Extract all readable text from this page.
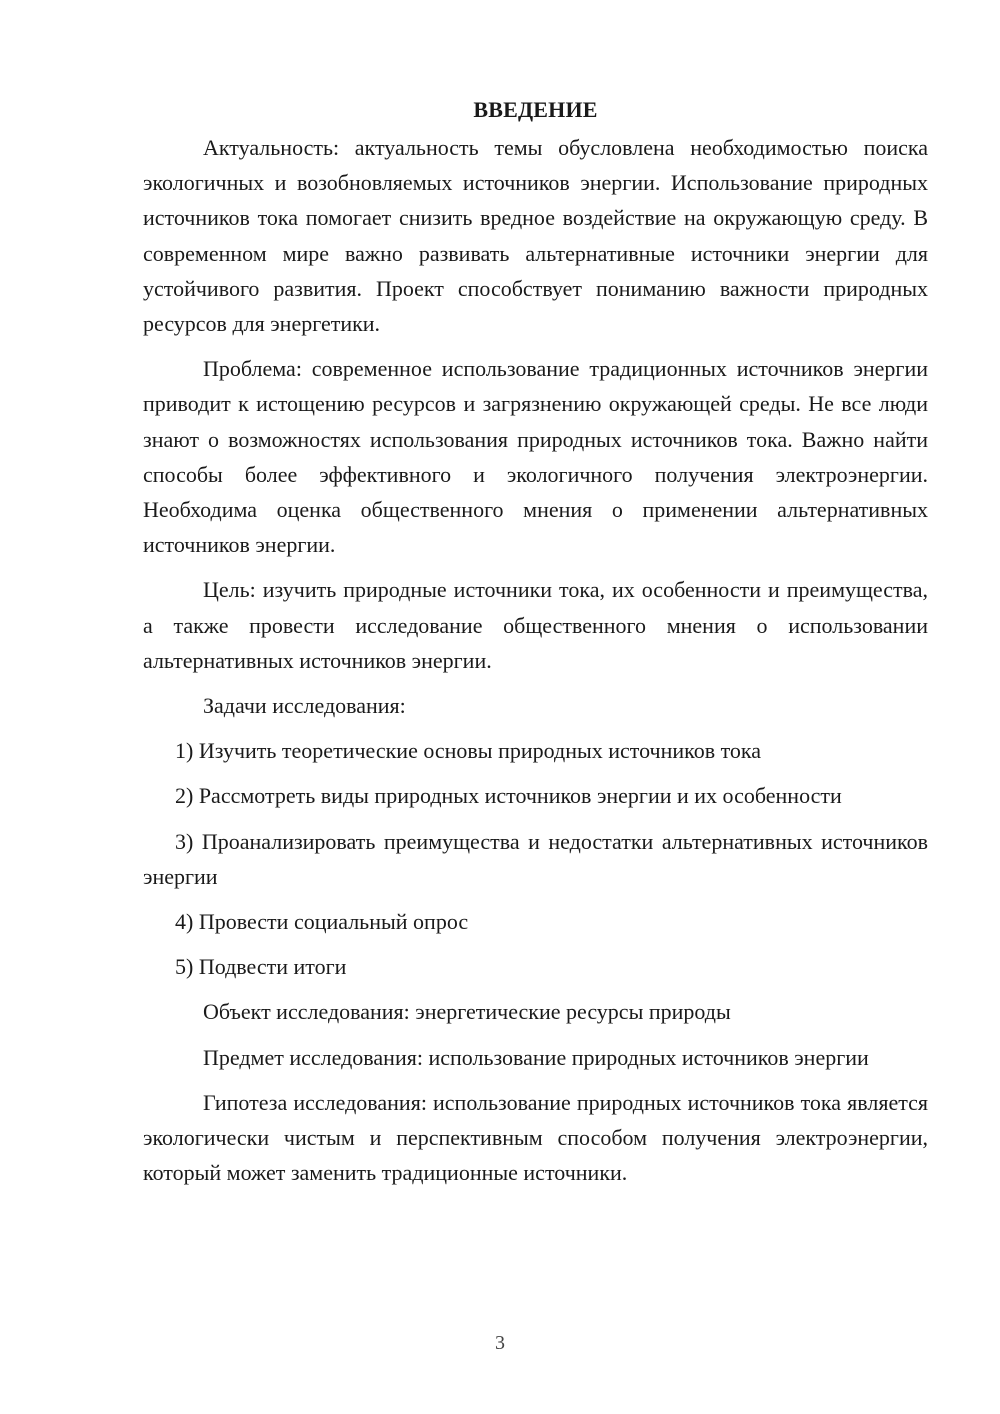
ВВЕДЕНИЕ

Актуальность: актуальность темы обусловлена необходимостью поиска экологичных и возобновляемых источников энергии. Использование природных источников тока помогает снизить вредное воздействие на окружающую среду. В современном мире важно развивать альтернативные источники энергии для устойчивого развития. Проект способствует пониманию важности природных ресурсов для энергетики.

Проблема: современное использование традиционных источников энергии приводит к истощению ресурсов и загрязнению окружающей среды. Не все люди знают о возможностях использования природных источников тока. Важно найти способы более эффективного и экологичного получения электроэнергии. Необходима оценка общественного мнения о применении альтернативных источников энергии.

Цель: изучить природные источники тока, их особенности и преимущества, а также провести исследование общественного мнения о использовании альтернативных источников энергии.

Задачи исследования:

1) Изучить теоретические основы природных источников тока

2) Рассмотреть виды природных источников энергии и их особенности

3) Проанализировать преимущества и недостатки альтернативных источников энергии

4) Провести социальный опрос

5) Подвести итоги

Объект исследования: энергетические ресурсы природы

Предмет исследования: использование природных источников энергии

Гипотеза исследования: использование природных источников тока является экологически чистым и перспективным способом получения электроэнергии, который может заменить традиционные источники.

3
